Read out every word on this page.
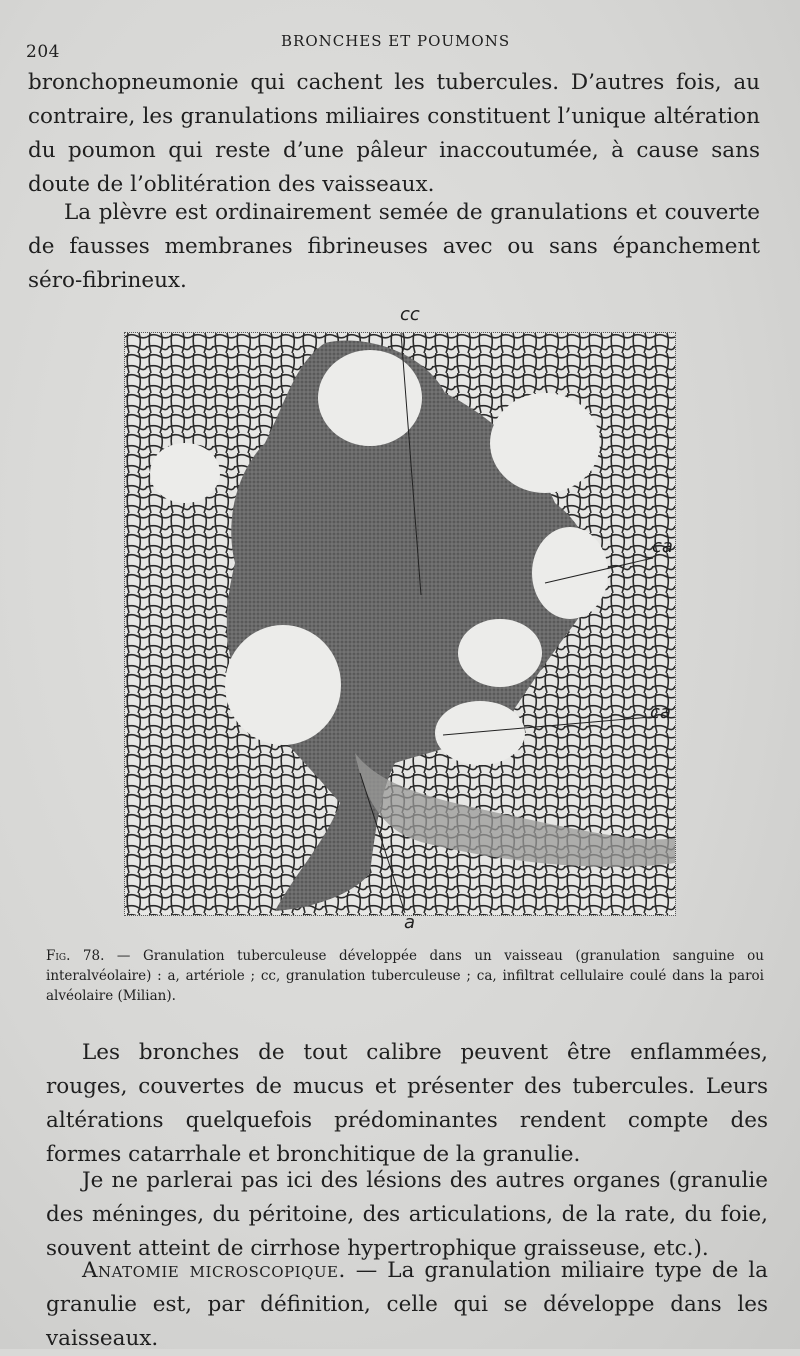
204
BRONCHES ET POUMONS

bronchopneumonie qui cachent les tubercules. D’autres fois, au contraire, les granulations miliaires constituent l’unique altération du poumon qui reste d’une pâleur inaccoutumée, à cause sans doute de l’oblitération des vaisseaux.

La plèvre est ordinairement semée de granulations et couverte de fausses membranes fibrineuses avec ou sans épanchement séro-fibrineux.

cc
ca
ca
a

Fig. 78. — Granulation tuberculeuse développée dans un vaisseau (granulation sanguine ou interalvéolaire) : a, artériole ; cc, granulation tuberculeuse ; ca, infiltrat cellulaire coulé dans la paroi alvéolaire (Milian).

Les bronches de tout calibre peuvent être enflammées, rouges, couvertes de mucus et présenter des tubercules. Leurs altérations quelquefois prédominantes rendent compte des formes catarrhale et bronchitique de la granulie.

Je ne parlerai pas ici des lésions des autres organes (granulie des méninges, du péritoine, des articulations, de la rate, du foie, souvent atteint de cirrhose hypertrophique graisseuse, etc.).

Anatomie microscopique. — La granulation miliaire type de la granulie est, par définition, celle qui se développe dans les vaisseaux.
